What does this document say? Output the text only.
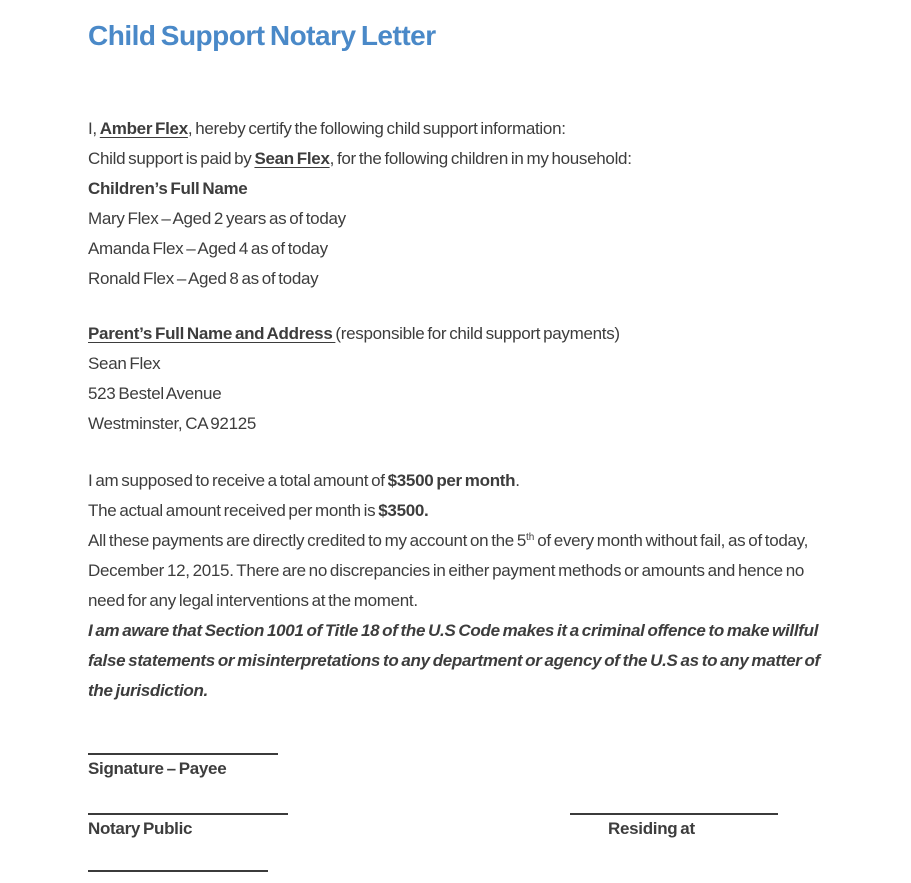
Child Support Notary Letter

I, Amber Flex, hereby certify the following child support information:

Child support is paid by Sean Flex, for the following children in my household:

Children’s Full Name

Mary Flex – Aged 2 years as of today

Amanda Flex – Aged 4 as of today

Ronald Flex – Aged 8 as of today

Parent’s Full Name and Address (responsible for child support payments)

Sean Flex

523 Bestel Avenue

Westminster, CA 92125

I am supposed to receive a total amount of $3500 per month.

The actual amount received per month is $3500.

All these payments are directly credited to my account on the 5th of every month without fail, as of today, December 12, 2015. There are no discrepancies in either payment methods or amounts and hence no need for any legal interventions at the moment.

I am aware that Section 1001 of Title 18 of the U.S Code makes it a criminal offence to make willful false statements or misinterpretations to any department or agency of the U.S as to any matter of the jurisdiction.

Signature – Payee
Notary Public	Residing at
